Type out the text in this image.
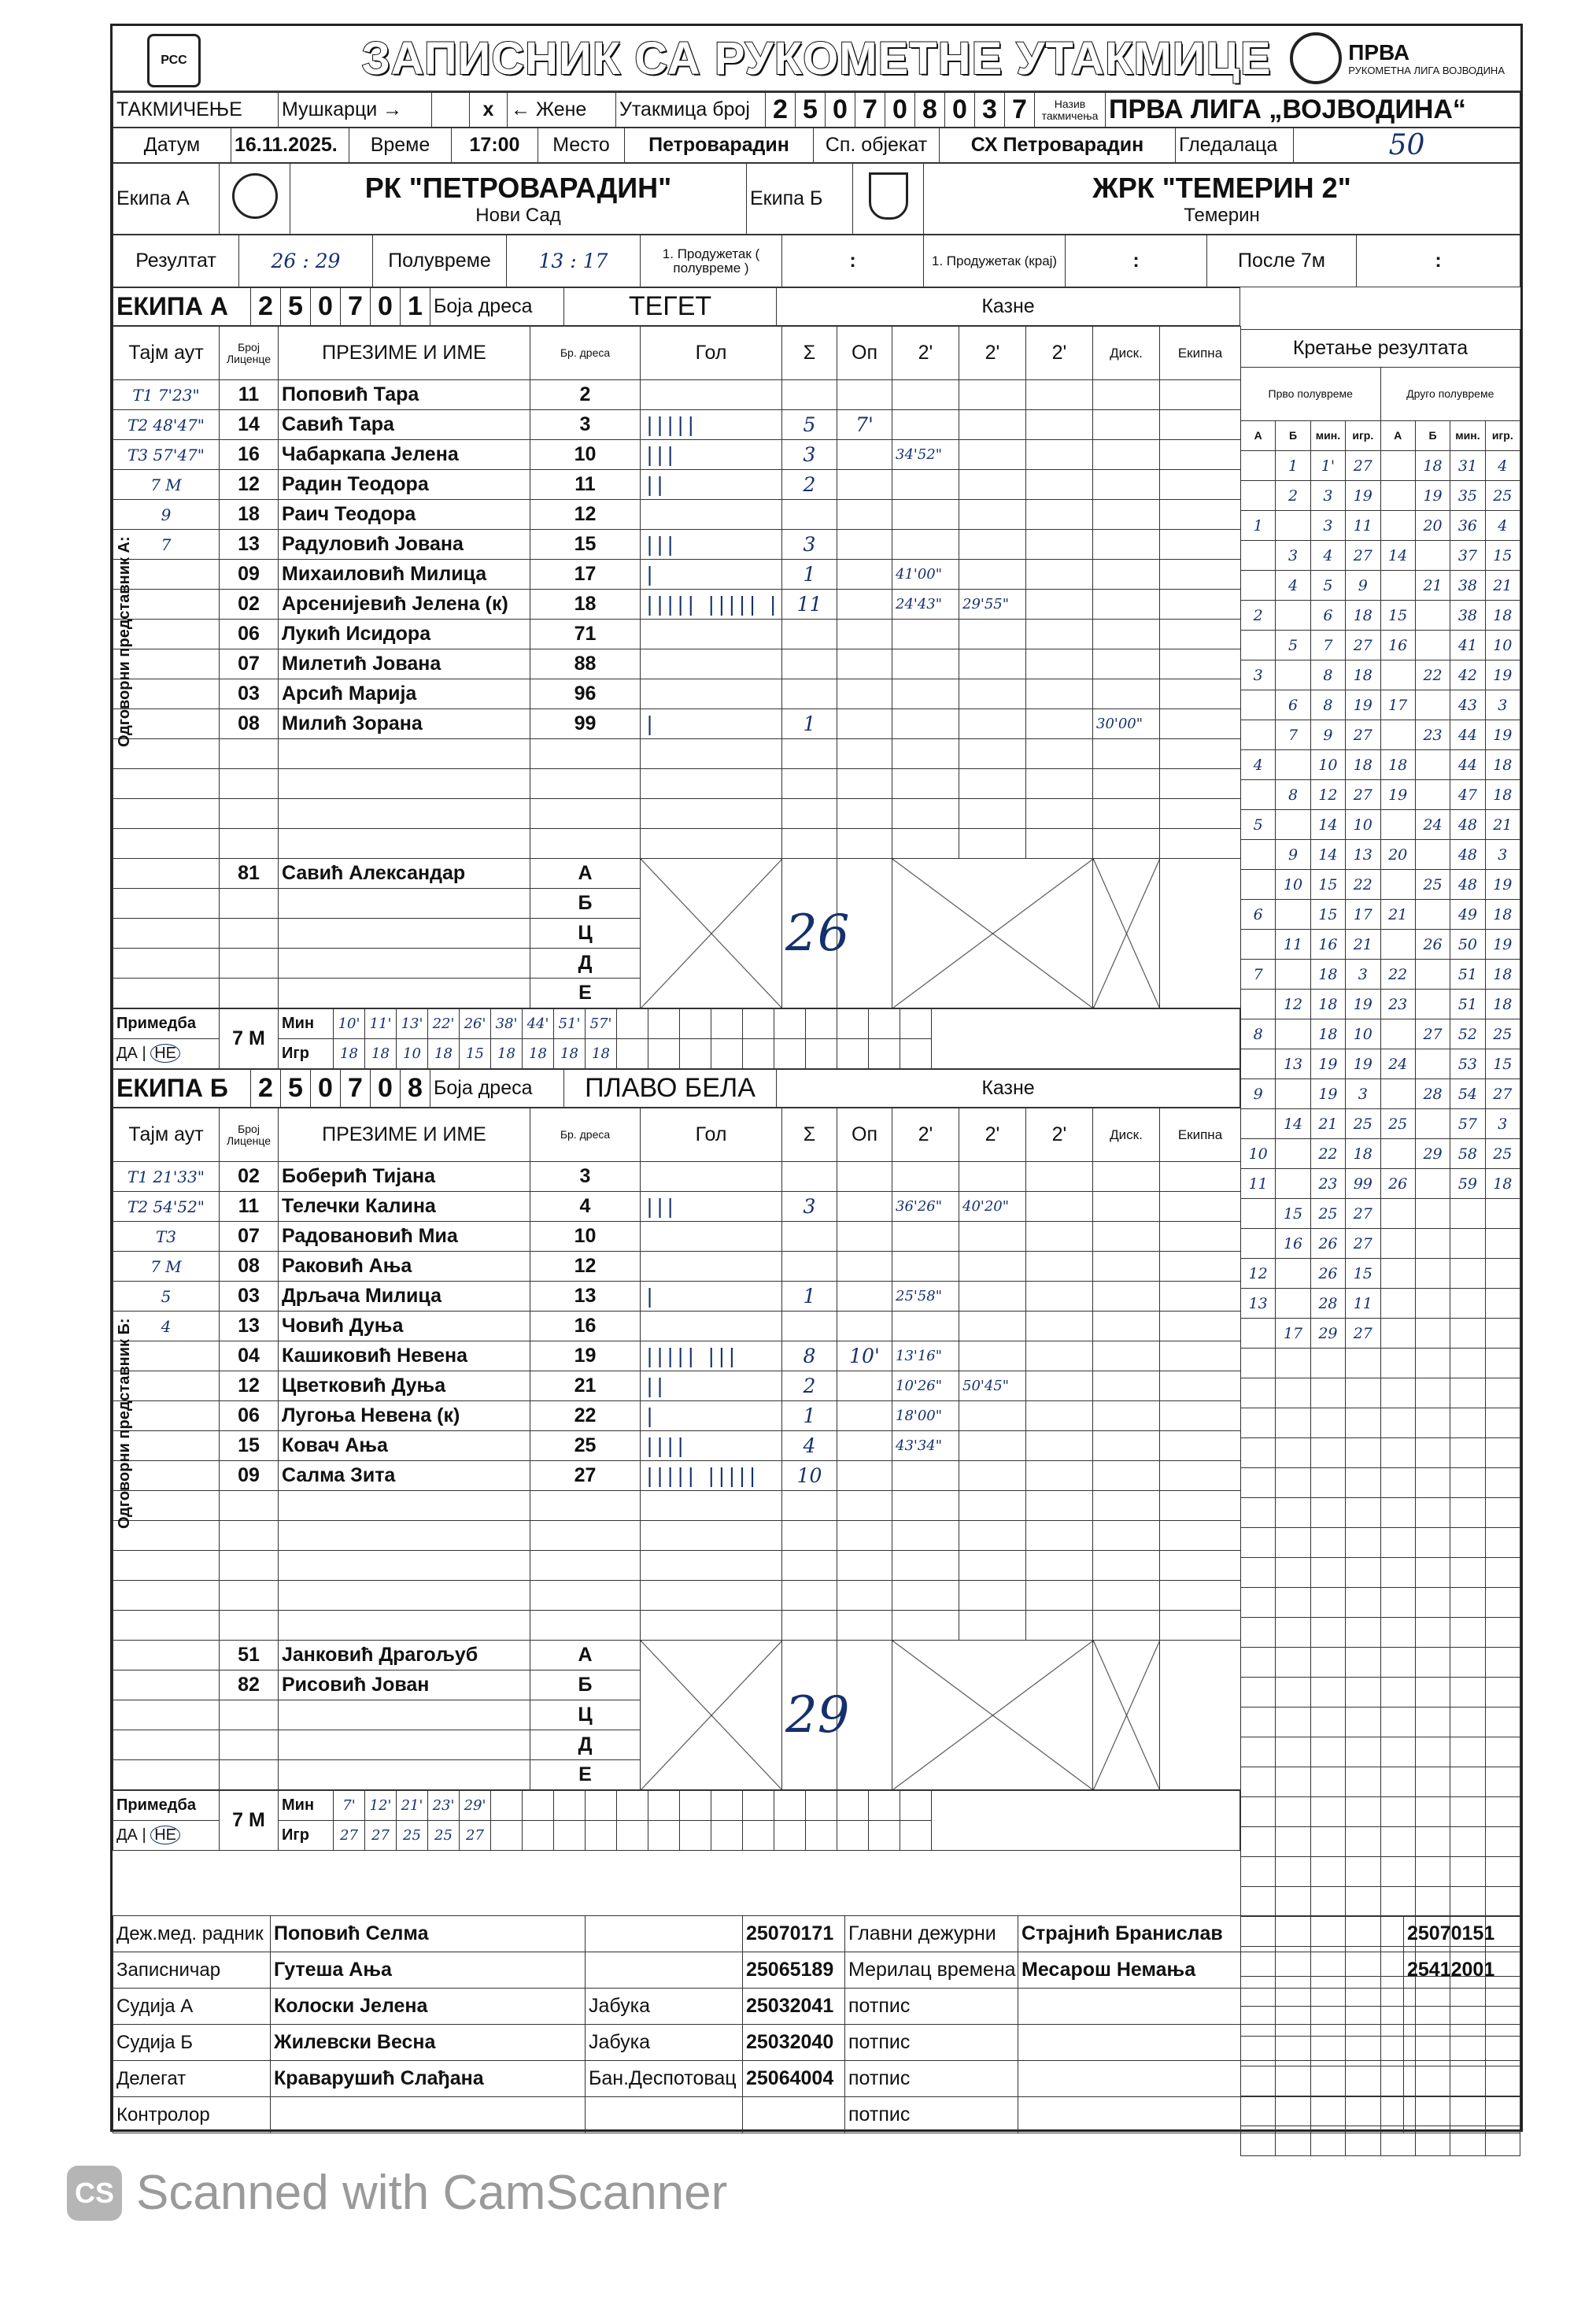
РСС	ЗАПИСНИК СА РУКОМЕТНЕ УТАКМИЦЕ	ПРВА
РУКОМЕТНА ЛИГА ВОЈВОДИНА
ТАКМИЧЕЊЕ	Мушкарци →		x	← Жене	Утакмица број	2	5	0	7	0	8	0	3	7	Назив такмичења	ПРВА ЛИГА „ВОЈВОДИНА“
Датум	16.11.2025.	Време	17:00	Место	Петроварадин	Сп. објекат	СХ Петроварадин	Гледалаца	50
Екипа А		РК "ПЕТРОВАРАДИН"
Нови Сад
	Екипа Б		ЖРК "ТЕМЕРИН 2"
Темерин
Резултат	26 : 29	Полувреме	13 : 17	1. Продужетак ( полувреме )	:	1. Продужетак (крај)	:	После 7м	:
ЕКИПА А	2	5	0	7	0	1	Боја дреса	ТЕГЕТ	Казне
Тајм аут	Број Лиценце	ПРЕЗИМЕ И ИМЕ	Бр. дреса	Гол	Σ	Оп	2'	2'	2'	Диск.	Екипна
T1 7'23"	11	Поповић Тара	2								
T2 48'47"	14	Савић Тара	3	|||||	5	7'					
T3 57'47"	16	Чабаркапа Јелена	10	|||	3		34'52"				
7 М	12	Радин Теодора	11	||	2						
9	18	Раич Теодора	12								
7	13	Радуловић Јована	15	|||	3						
	09	Михаиловић Милица	17	|	1		41'00"				
	02	Арсенијевић Јелена (к)	18	||||| ||||| |	11		24'43"	29'55"			
	06	Лукић Исидора	71								
	07	Милетић Јована	88								
	03	Арсић Марија	96								
	08	Милић Зорана	99	|	1					30'00"	

	81	Савић Александар	А		26						
			Б								
			Ц								
			Д								
			Е								
Одговорни представник А:
Примедба	7 М	Мин	10'	11'	13'	22'	26'	38'	44'	51'	57'											
ДА | НЕ		Игр	18	18	10	18	15	18	18	18	18											
ЕКИПА Б	2	5	0	7	0	8	Боја дреса	ПЛАВО БЕЛА	Казне
Тајм аут	Број Лиценце	ПРЕЗИМЕ И ИМЕ	Бр. дреса	Гол	Σ	Оп	2'	2'	2'	Диск.	Екипна
T1 21'33"	02	Боберић Тијана	3								
T2 54'52"	11	Телечки Калина	4	|||	3		36'26"	40'20"			
T3	07	Радовановић Миа	10								
7 М	08	Раковић Ања	12								
5	03	Дрљача Милица	13	|	1		25'58"				
4	13	Човић Дуња	16								
	04	Кашиковић Невена	19	||||| |||	8	10'	13'16"				
	12	Цветковић Дуња	21	||	2		10'26"	50'45"			
	06	Лугоња Невена (к)	22	|	1		18'00"				
	15	Ковач Ања	25	||||	4		43'34"				
	09	Салма Зита	27	||||| |||||	10						

	51	Јанковић Драгољуб	А		29						
	82	Рисовић Јован	Б								
			Ц								
			Д								
			Е								
Одговорни представник Б:
Примедба	7 М	Мин	7'	12'	21'	23'	29'															
ДА | НЕ		Игр	27	27	25	25	27															
Кретање резултата							
Прво полувреме				Друго полувреме			
А	Б	мин.	игр.	А	Б	мин.	игр.
	1	1'	27		18	31	4
	2	3	19		19	35	25
1		3	11		20	36	4
	3	4	27	14		37	15
	4	5	9		21	38	21
2		6	18	15		38	18
	5	7	27	16		41	10
3		8	18		22	42	19
	6	8	19	17		43	3
	7	9	27		23	44	19
4		10	18	18		44	18
	8	12	27	19		47	18
5		14	10		24	48	21
	9	14	13	20		48	3
	10	15	22		25	48	19
6		15	17	21		49	18
	11	16	21		26	50	19
7		18	3	22		51	18
	12	18	19	23		51	18
8		18	10		27	52	25
	13	19	19	24		53	15
9		19	3		28	54	27
	14	21	25	25		57	3
10		22	18		29	58	25
11		23	99	26		59	18
	15	25	27				
	16	26	27				
12		26	15				
13		28	11				
	17	29	27				

Деж.мед. радник	Поповић Селма		25070171	Главни дежурни	Страјнић Бранислав	25070151
Записничар	Гутеша Ања		25065189	Мерилац времена	Месарош Немања	25412001
Судија А	Колоски Јелена	Јабука	25032041	потпис		
Судија Б	Жилевски Весна	Јабука	25032040	потпис		
Делегат	Краварушић Слађана	Бан.Деспотовац	25064004	потпис		
Контролор				потпис		
CS Scanned with CamScanner
